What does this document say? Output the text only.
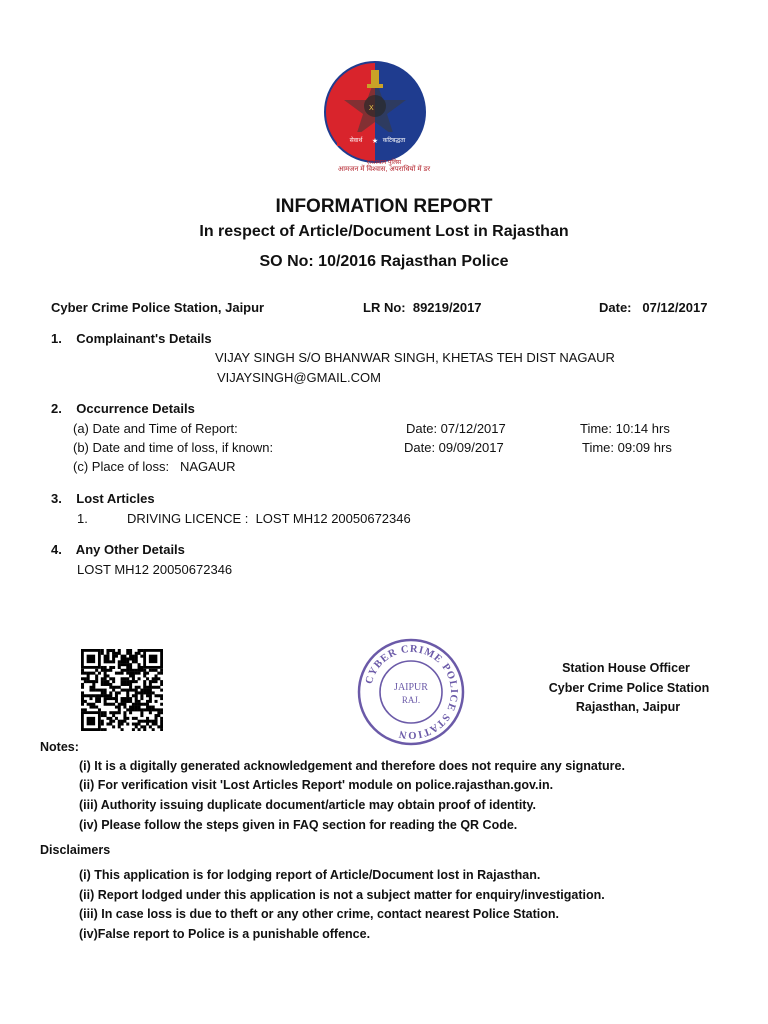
X
सेवार्थ	कटिबद्धता
★
राजस्थान पुलिस
आमजन में विश्वास, अपराधियों में डर
INFORMATION REPORT
In respect of Article/Document Lost in Rajasthan
SO No: 10/2016 Rajasthan Police
Cyber Crime Police Station, Jaipur	LR No: 89219/2017	Date: 07/12/2017
1.    Complainant's Details
VIJAY SINGH S/O BHANWAR SINGH, KHETAS TEH DIST NAGAUR
VIJAYSINGH@GMAIL.COM
2.    Occurrence Details
(a) Date and Time of Report:	Date: 07/12/2017	Time: 10:14 hrs
(b) Date and time of loss, if known:	Date: 09/09/2017	Time: 09:09 hrs
(c) Place of loss: NAGAUR
3.    Lost Articles
1.	DRIVING LICENCE :  LOST MH12 20050672346
4.    Any Other Details
LOST MH12 20050672346
CYBER CRIME POLICE STATION
JAIPUR
RAJ.
Station House Officer
Cyber Crime Police Station
Rajasthan, Jaipur
Notes:
(i) It is a digitally generated acknowledgement and therefore does not require any signature.
(ii) For verification visit 'Lost Articles Report' module on police.rajasthan.gov.in.
(iii) Authority issuing duplicate document/article may obtain proof of identity.
(iv) Please follow the steps given in FAQ section for reading the QR Code.
Disclaimers
(i) This application is for lodging report of Article/Document lost in Rajasthan.
(ii) Report lodged under this application is not a subject matter for enquiry/investigation.
(iii) In case loss is due to theft or any other crime, contact nearest Police Station.
(iv)False report to Police is a punishable offence.
